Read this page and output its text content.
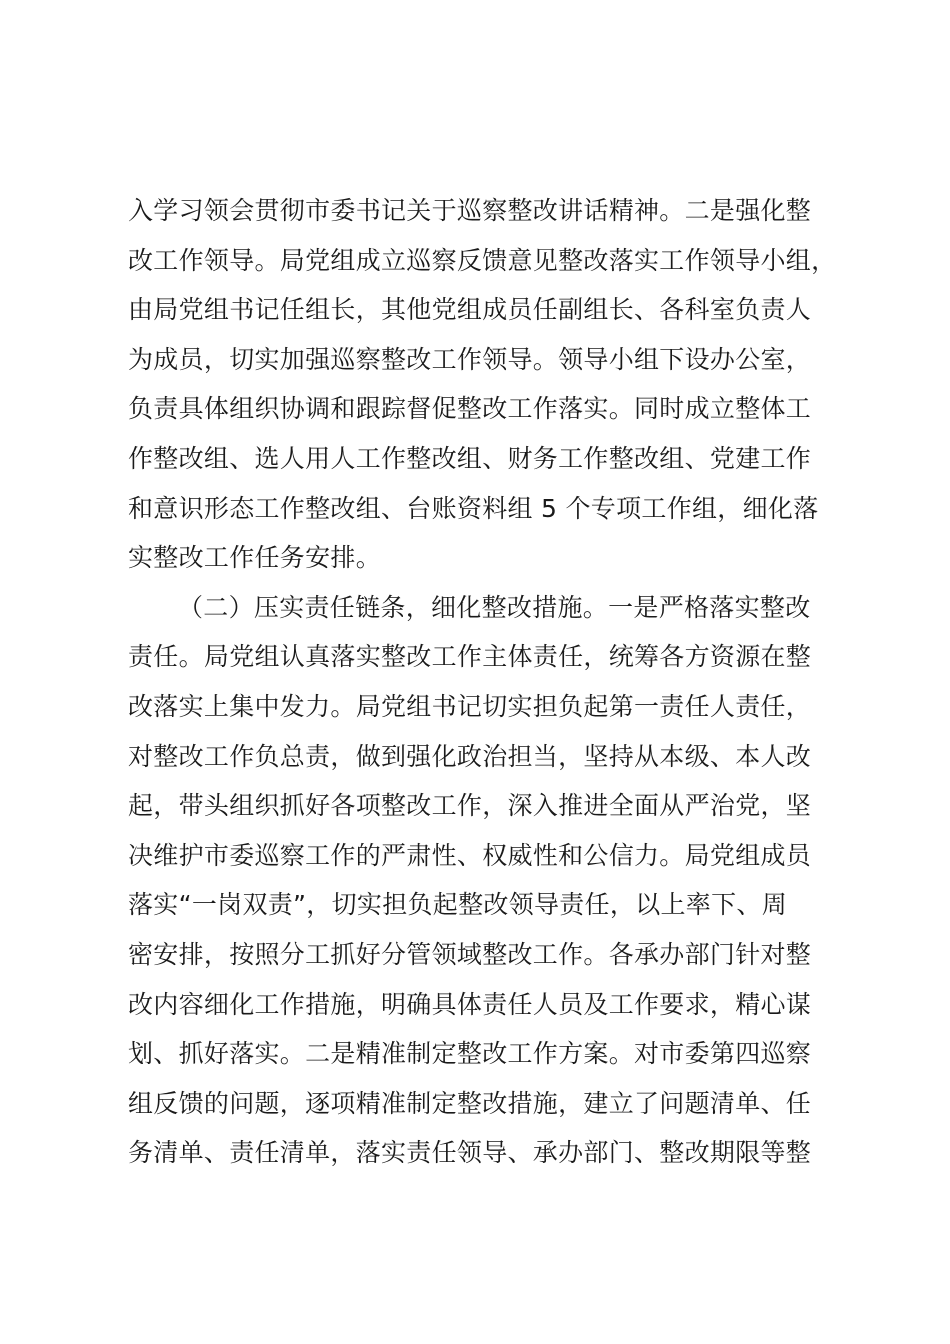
入学习领会贯彻市委书记关于巡察整改讲话精神。二是强化整
改工作领导。局党组成立巡察反馈意见整改落实工作领导小组，
由局党组书记任组长，其他党组成员任副组长、各科室负责人
为成员，切实加强巡察整改工作领导。领导小组下设办公室，
负责具体组织协调和跟踪督促整改工作落实。同时成立整体工
作整改组、选人用人工作整改组、财务工作整改组、党建工作
和意识形态工作整改组、台账资料组 5 个专项工作组，细化落
实整改工作任务安排。
（二）压实责任链条，细化整改措施。一是严格落实整改
责任。局党组认真落实整改工作主体责任，统筹各方资源在整
改落实上集中发力。局党组书记切实担负起第一责任人责任，
对整改工作负总责，做到强化政治担当，坚持从本级、本人改
起，带头组织抓好各项整改工作，深入推进全面从严治党，坚
决维护市委巡察工作的严肃性、权威性和公信力。局党组成员
落实“一岗双责”，切实担负起整改领导责任，以上率下、周
密安排，按照分工抓好分管领域整改工作。各承办部门针对整
改内容细化工作措施，明确具体责任人员及工作要求，精心谋
划、抓好落实。二是精准制定整改工作方案。对市委第四巡察
组反馈的问题，逐项精准制定整改措施，建立了问题清单、任
务清单、责任清单，落实责任领导、承办部门、整改期限等整
